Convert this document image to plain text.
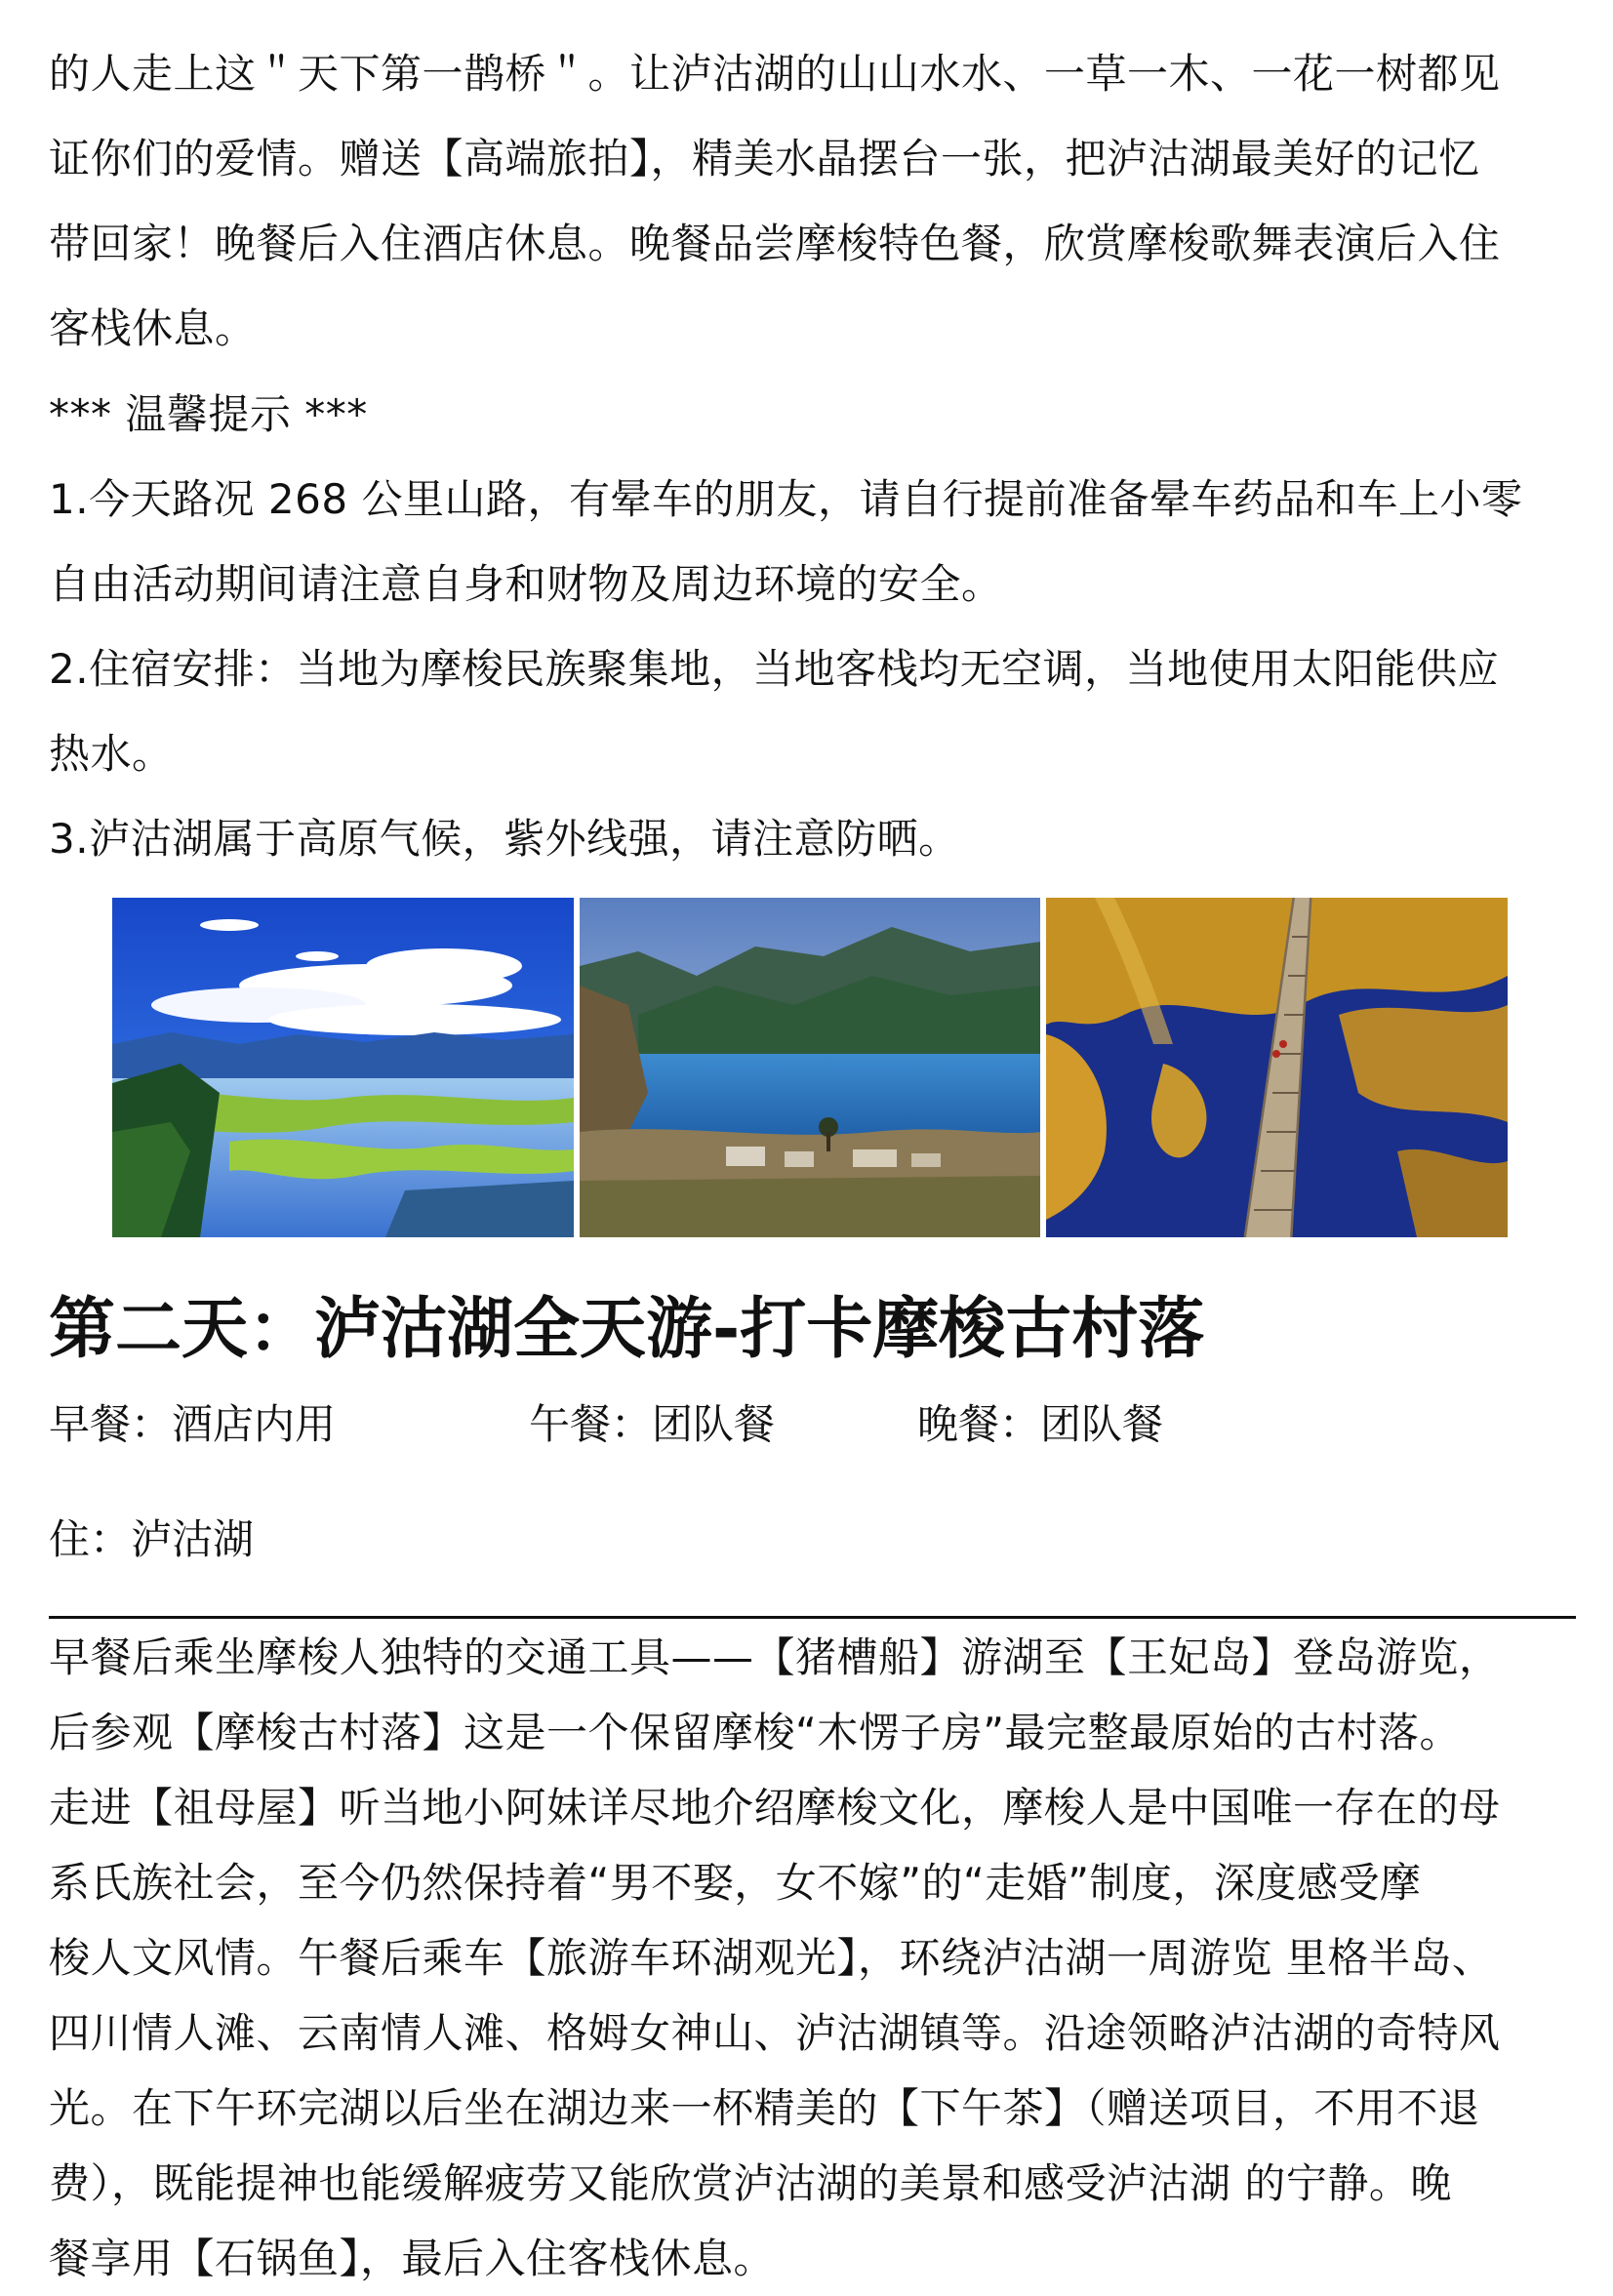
的人走上这＂天下第一鹊桥＂。让泸沽湖的山山水水、一草一木、一花一树都见
证你们的爱情。赠送【高端旅拍】，精美水晶摆台一张，把泸沽湖最美好的记忆
带回家！晚餐后入住酒店休息。晚餐品尝摩梭特色餐，欣赏摩梭歌舞表演后入住
客栈休息。
*** 温馨提示 ***
1.今天路况 268 公里山路，有晕车的朋友，请自行提前准备晕车药品和车上小零
自由活动期间请注意自身和财物及周边环境的安全。
2.住宿安排：当地为摩梭民族聚集地，当地客栈均无空调，当地使用太阳能供应
热水。
3.泸沽湖属于高原气候，紫外线强，请注意防晒。
第二天：泸沽湖全天游-打卡摩梭古村落
早餐：酒店内用	午餐：团队餐	晚餐：团队餐
住：泸沽湖
早餐后乘坐摩梭人独特的交通工具——【猪槽船】游湖至【王妃岛】登岛游览，
后参观【摩梭古村落】这是一个保留摩梭“木愣子房”最完整最原始的古村落。
走进【祖母屋】听当地小阿妹详尽地介绍摩梭文化，摩梭人是中国唯一存在的母
系氏族社会，至今仍然保持着“男不娶，女不嫁”的“走婚”制度，深度感受摩
梭人文风情。午餐后乘车【旅游车环湖观光】，环绕泸沽湖一周游览 里格半岛、
四川情人滩、云南情人滩、格姆女神山、泸沽湖镇等。沿途领略泸沽湖的奇特风
光。在下午环完湖以后坐在湖边来一杯精美的【下午茶】（赠送项目，不用不退
费），既能提神也能缓解疲劳又能欣赏泸沽湖的美景和感受泸沽湖 的宁静。晚
餐享用【石锅鱼】，最后入住客栈休息。
